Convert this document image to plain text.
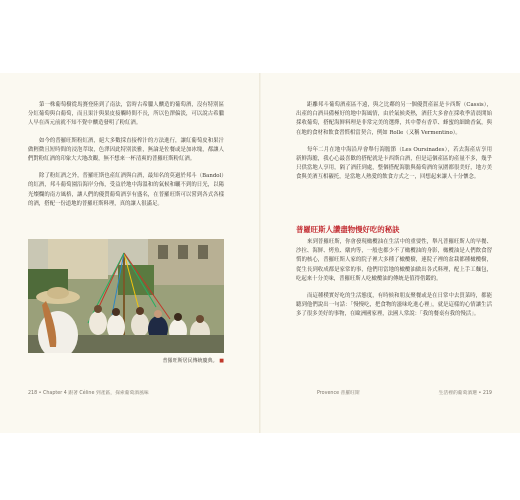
第一株葡萄樹從馬賽登陸到了南法，當時古希臘人釀造的葡萄酒，沒有特別區分紅葡萄與白葡萄，而且果汁與果皮接觸時間不長，所以色澤偏淡，可以說古希臘人早在西元前就不知不覺中釀造發明了粉紅酒。

如今的普羅旺斯粉紅酒，絕大多數採直接榨汁的方法進行，讓紅葡萄皮和果汁做輕微且短時間的浸泡萃取，色澤因此特別淡雅，無論是佐餐或是加冰塊，都讓人們對粉紅酒的印象大大地改觀，無不想來一杯清爽的普羅旺斯粉紅酒。

除了粉紅酒之外，普羅旺斯也產紅酒與白酒，最知名的莫過於邦斗（Bandol）的紅酒，邦斗葡萄園沿海岸分佈，受益於地中海溫和的氣候和曬不到的日光，以陽光燦爛的南方風格，讓人們的優質葡萄酒享有盛名，在普羅旺斯可以嘗到各式各樣的酒，搭配一份道地的普羅旺斯料理，真的讓人很滿足。

普羅旺斯居民傳統慶典。 ■
218 • Chapter 4 跟著 Céline 到產區，探索葡萄酒風味

距離邦斗葡萄酒產區不遠，與之比鄰的另一個優質產區是卡西斯（Cassis），出產的白酒具備極好的地中海風情，由於氣候炎熱，酒莊大多會在採收季清晨開始採收葡萄，搭配海鮮料理是非常完美的選擇，其中帶有香草、蜂蜜的細緻香氣，與在地的食材和飲食習慣相當契合，例如 Rolle（又稱 Vermentino）。

每年二月在地中海沿岸會舉行海膽節（Les Oursinades），若去海產店享用新鮮海膽，我心心最喜歡的搭配就是卡西斯白酒，但是這個產區的產量不多，幾乎只供當地人享用，隔了酒莊到處，整個搭配海膽與葡萄酒的氛圍都很美好，地方美食與美酒互相襯托，是當地人熱愛的飲食方式之一，回想起來讓人十分懷念。

普羅旺斯人讚盡物慢好吃的秘訣

來到普羅旺斯，你會發現橄欖油在生活中的重要性，舉凡普羅旺斯人的早餐、沙拉、海鮮、烤魚、燉肉等，一般也都少不了橄欖油的身影，橄欖油是人們飲食習慣的核心，普羅旺斯人家的院子裡大多種了橄欖樹，連院子裡的盆栽都種橄欖樹，從生長到收成都是家常的事，他們用當地的橄欖油做出各式料理，配上手工麵包，吃起來十分美味，普羅旺斯人吃橄欖油的傳統是值得借鑑的。

而這種樸實好吃的生活態度，有時候和朋友聚餐或是在日常中去買菜時，都能聽到他們說出一句話：「慢慢吃，把食物的滋味吃進心裡」，就是這樣的心情讓生活多了很多美好的事物，在歐洲國家裡，法國人常說：「我的餐桌有我的慢活」。

Provence 普羅旺斯	生活裡的葡萄酒選 • 219
